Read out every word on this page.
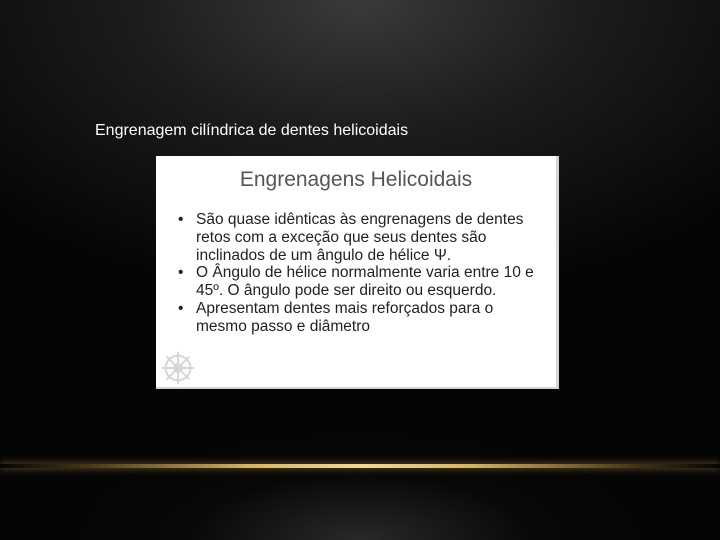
Engrenagem cilíndrica de dentes helicoidais
Engrenagens Helicoidais
• São quase idênticas às engrenagens de dentes retos com a exceção que seus dentes são inclinados de um ângulo de hélice Ψ.
• O Ângulo de hélice normalmente varia entre 10 e 45º. O ângulo pode ser direito ou esquerdo.
• Apresentam dentes mais reforçados para o mesmo passo e diâmetro
